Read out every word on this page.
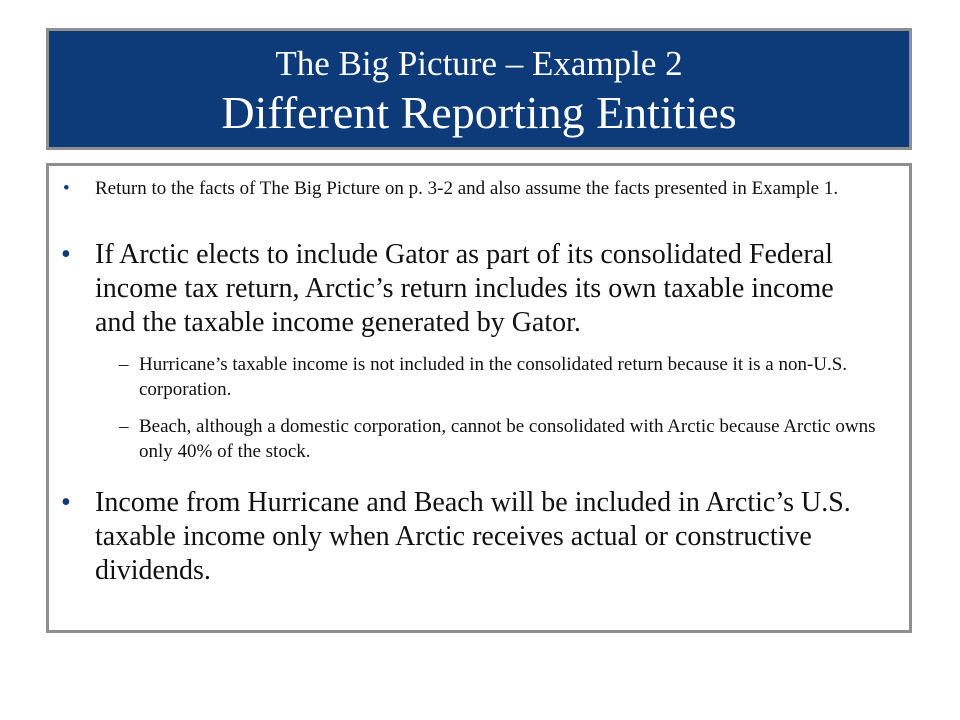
The Big Picture – Example 2
Different Reporting Entities
• Return to the facts of The Big Picture on p. 3-2 and also assume the facts presented in Example 1.
• If Arctic elects to include Gator as part of its consolidated Federal income tax return, Arctic’s return includes its own taxable income and the taxable income generated by Gator.
– Hurricane’s taxable income is not included in the consolidated return because it is a non-U.S. corporation.
– Beach, although a domestic corporation, cannot be consolidated with Arctic because Arctic owns only 40% of the stock.
• Income from Hurricane and Beach will be included in Arctic’s U.S. taxable income only when Arctic receives actual or constructive dividends.
